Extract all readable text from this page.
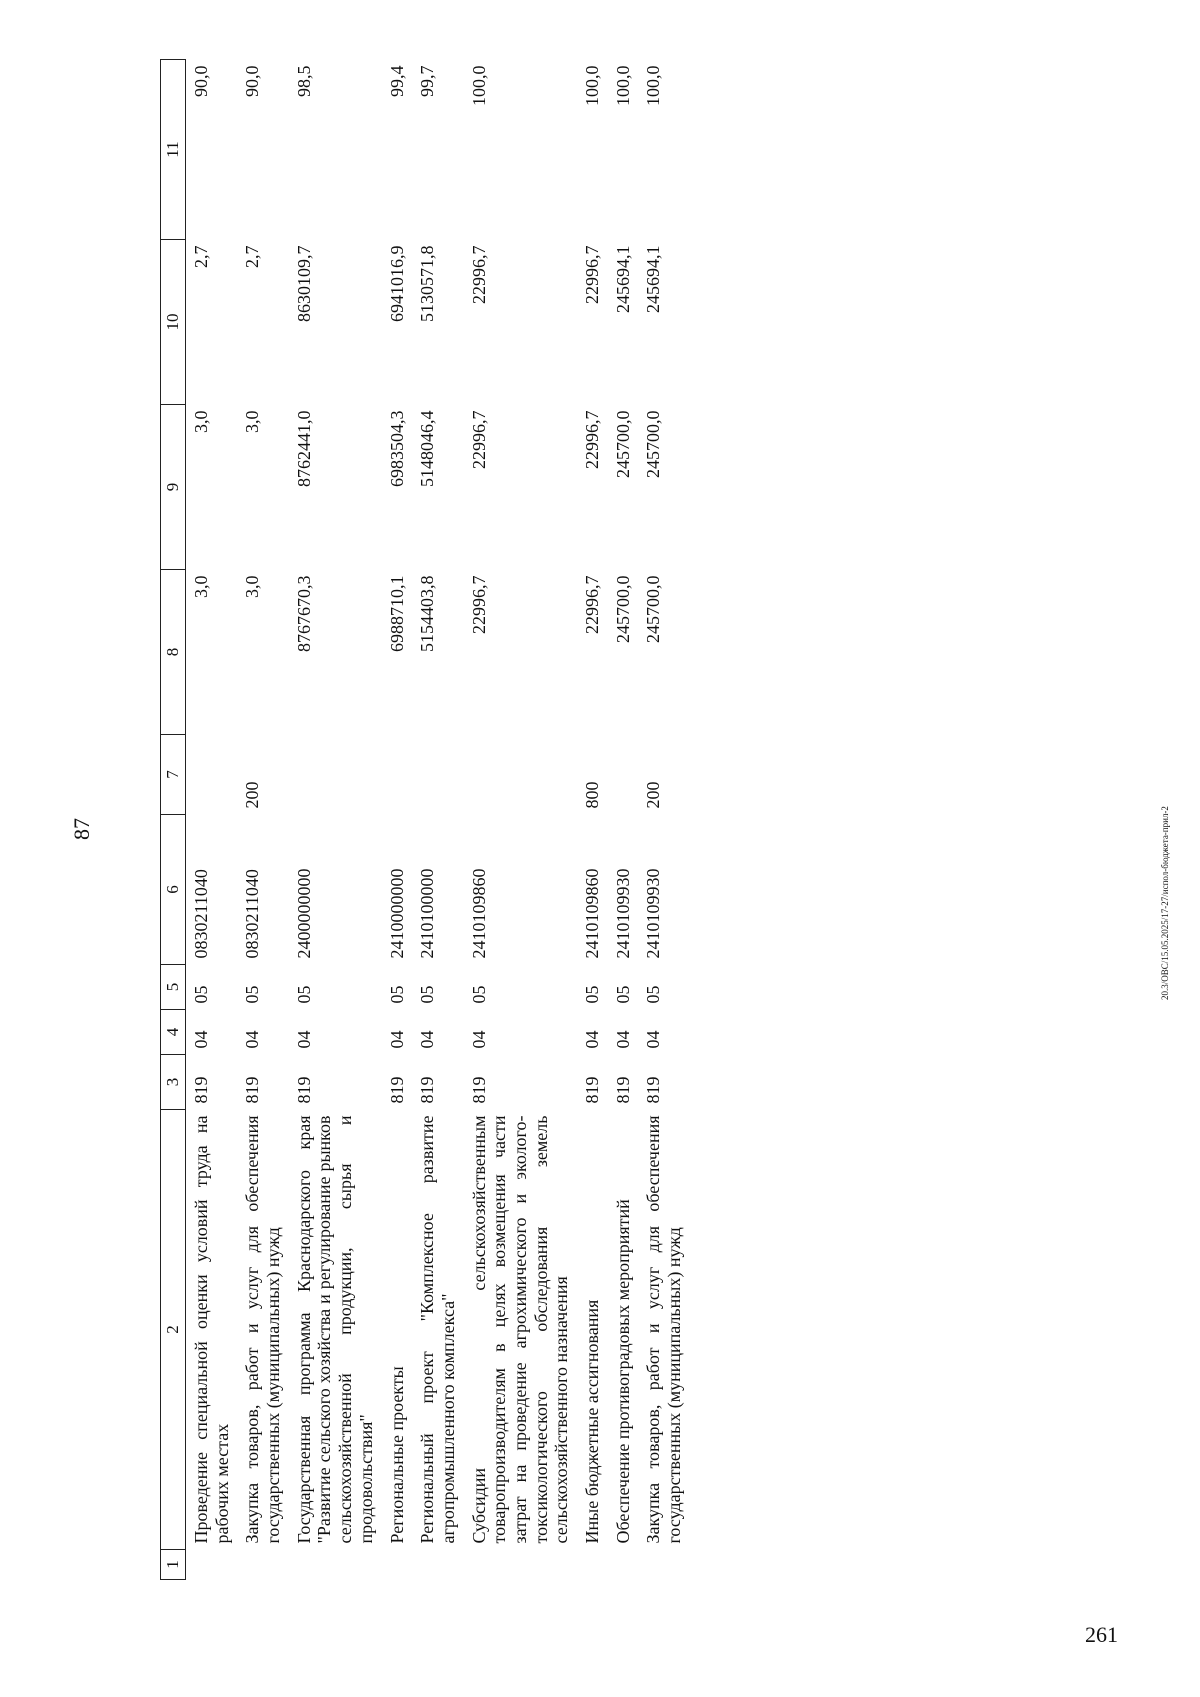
87	20.3/ОВС/15.05.2025/17-27/испол-бюджета-прил-2
261
1	2	3	4	5	6	7	8	9	10	11
	Проведение специальной оценки условий труда на рабочих местах	819	04	05	0830211040		3,0	3,0	2,7	90,0
	Закупка товаров, работ и услуг для обеспечения государственных (муниципальных) нужд	819	04	05	0830211040	200	3,0	3,0	2,7	90,0
	Государственная программа Краснодарского края "Развитие сельского хозяйства и регулирование рынков сельскохозяйственной продукции, сырья и продовольствия"	819	04	05	2400000000		8767670,3	8762441,0	8630109,7	98,5
	Региональные проекты	819	04	05	2410000000		6988710,1	6983504,3	6941016,9	99,4
	Региональный проект "Комплексное развитие агропромышленного комплекса"	819	04	05	2410100000		5154403,8	5148046,4	5130571,8	99,7
	Субсидии сельскохозяйственным товаропроизводителям в целях возмещения части затрат на проведение агрохимического и эколого-токсикологического обследования земель сельскохозяйственного назначения	819	04	05	2410109860		22996,7	22996,7	22996,7	100,0
	Иные бюджетные ассигнования	819	04	05	2410109860	800	22996,7	22996,7	22996,7	100,0
	Обеспечение противоградовых мероприятий	819	04	05	2410109930		245700,0	245700,0	245694,1	100,0
	Закупка товаров, работ и услуг для обеспечения государственных (муниципальных) нужд	819	04	05	2410109930	200	245700,0	245700,0	245694,1	100,0
